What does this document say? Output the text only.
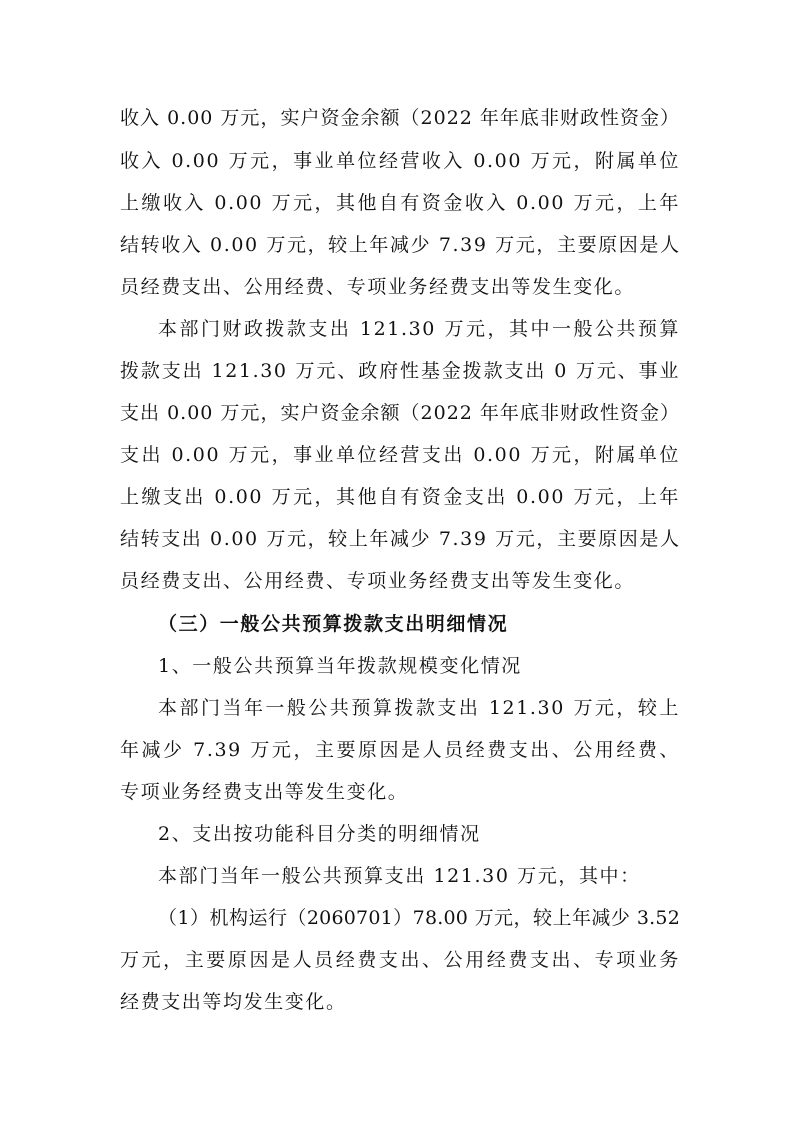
收入 0.00 万元，实户资金余额（2022 年年底非财政性资金）
收入 0.00 万元，事业单位经营收入 0.00 万元，附属单位
上缴收入 0.00 万元，其他自有资金收入 0.00 万元，上年
结转收入 0.00 万元，较上年减少 7.39 万元，主要原因是人
员经费支出、公用经费、专项业务经费支出等发生变化。
本部门财政拨款支出 121.30 万元，其中一般公共预算
拨款支出 121.30 万元、政府性基金拨款支出 0 万元、事业
支出 0.00 万元，实户资金余额（2022 年年底非财政性资金）
支出 0.00 万元，事业单位经营支出 0.00 万元，附属单位
上缴支出 0.00 万元，其他自有资金支出 0.00 万元，上年
结转支出 0.00 万元，较上年减少 7.39 万元，主要原因是人
员经费支出、公用经费、专项业务经费支出等发生变化。
（三）一般公共预算拨款支出明细情况
1、一般公共预算当年拨款规模变化情况
本部门当年一般公共预算拨款支出 121.30 万元，较上
年减少 7.39 万元，主要原因是人员经费支出、公用经费、
专项业务经费支出等发生变化。
2、支出按功能科目分类的明细情况
本部门当年一般公共预算支出 121.30 万元，其中：
（1）机构运行（2060701）78.00 万元，较上年减少 3.52
万元，主要原因是人员经费支出、公用经费支出、专项业务
经费支出等均发生变化。
